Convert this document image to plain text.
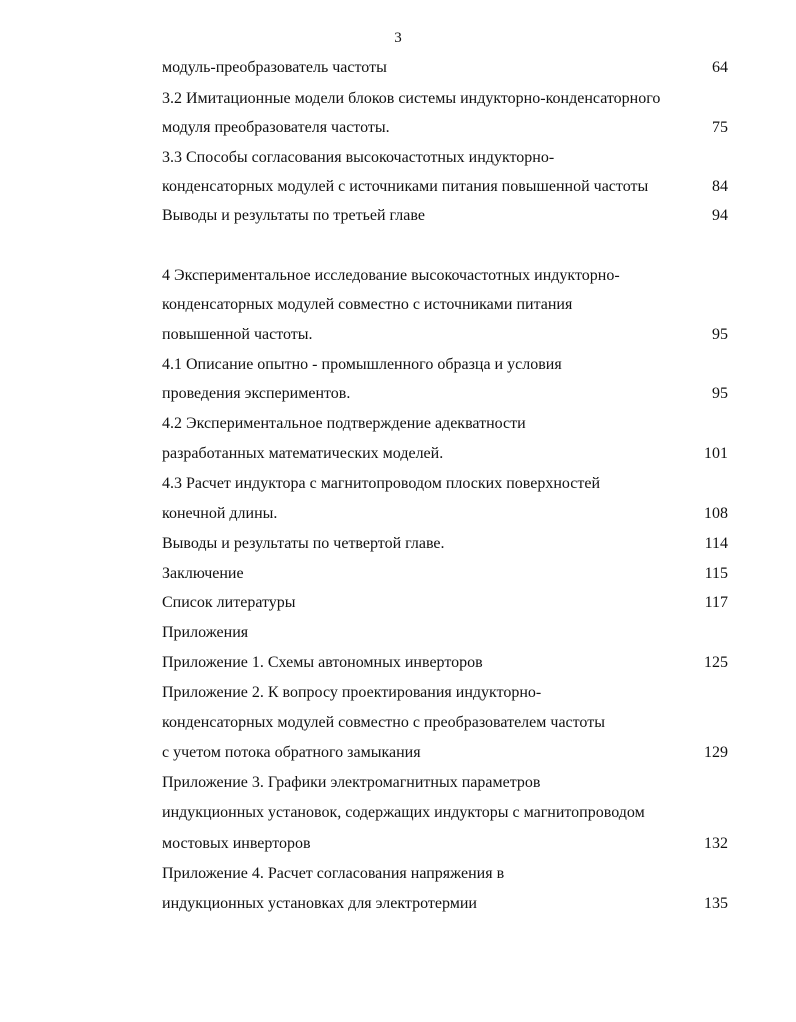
3
модуль-преобразователь частоты	64
3.2 Имитационные модели блоков системы индукторно-конденсаторного
модуля преобразователя частоты.	75
3.3 Способы согласования высокочастотных индукторно-
конденсаторных модулей с источниками питания повышенной частоты	84
Выводы и результаты по третьей главе	94
4 Экспериментальное исследование высокочастотных индукторно-
конденсаторных модулей совместно с источниками питания
повышенной частоты.	95
4.1 Описание опытно - промышленного образца и условия
проведения экспериментов.	95
4.2 Экспериментальное подтверждение адекватности
разработанных математических моделей.	101
4.3 Расчет индуктора с магнитопроводом плоских поверхностей
конечной длины.	108
Выводы и результаты по четвертой главе.	114
Заключение	115
Список литературы	117
Приложения
Приложение 1. Схемы автономных инверторов	125
Приложение 2. К вопросу проектирования индукторно-
конденсаторных модулей совместно с преобразователем частоты
с учетом потока обратного замыкания	129
Приложение 3. Графики электромагнитных параметров
индукционных установок, содержащих индукторы с магнитопроводом
мостовых инверторов	132
Приложение 4. Расчет согласования напряжения в
индукционных установках для электротермии	135
